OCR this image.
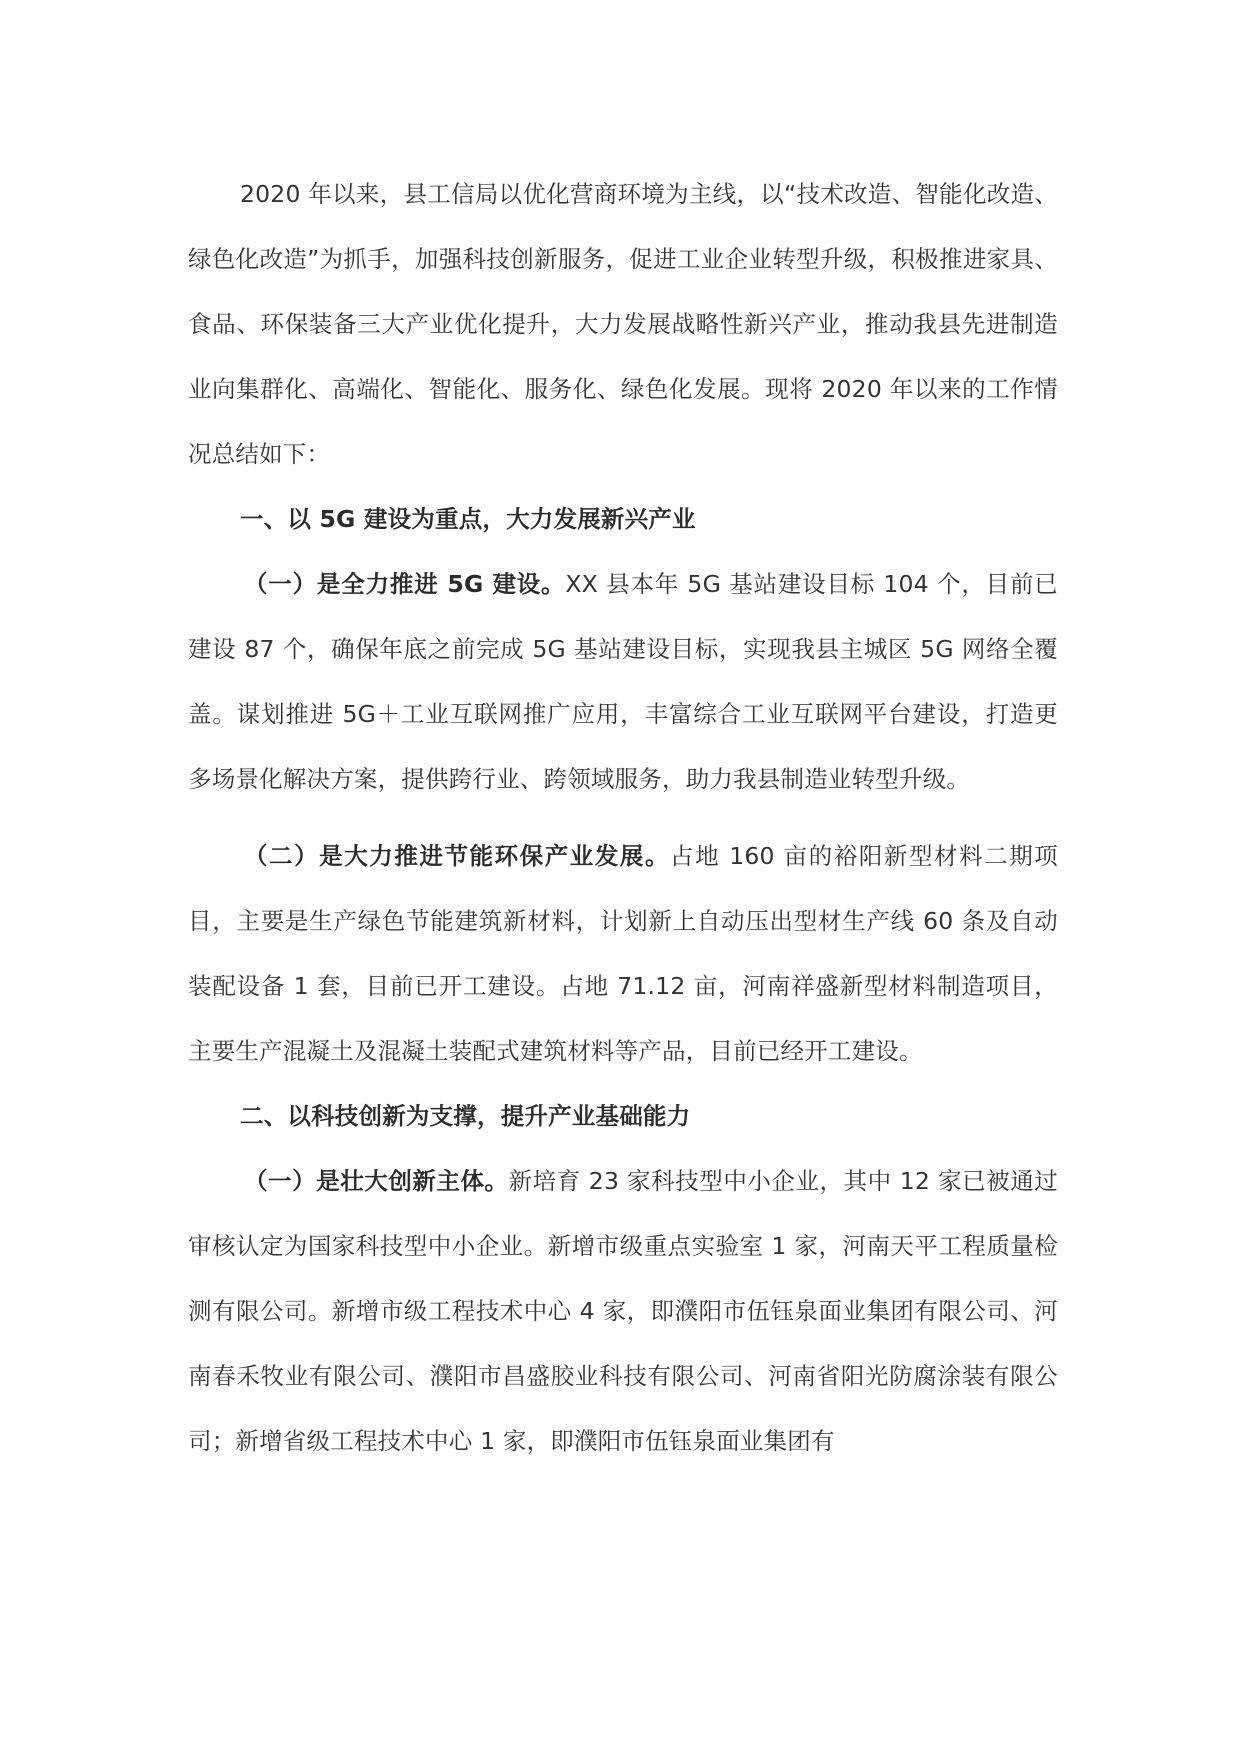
2020 年以来，县工信局以优化营商环境为主线，以“技术改造、智能化改造、绿色化改造”为抓手，加强科技创新服务，促进工业企业转型升级，积极推进家具、食品、环保装备三大产业优化提升，大力发展战略性新兴产业，推动我县先进制造业向集群化、高端化、智能化、服务化、绿色化发展。现将 2020 年以来的工作情况总结如下：

一、以 5G 建设为重点，大力发展新兴产业

（一）是全力推进 5G 建设。XX 县本年 5G 基站建设目标 104 个，目前已建设 87 个，确保年底之前完成 5G 基站建设目标，实现我县主城区 5G 网络全覆盖。谋划推进 5G＋工业互联网推广应用，丰富综合工业互联网平台建设，打造更多场景化解决方案，提供跨行业、跨领域服务，助力我县制造业转型升级。

（二）是大力推进节能环保产业发展。占地 160 亩的裕阳新型材料二期项目，主要是生产绿色节能建筑新材料，计划新上自动压出型材生产线 60 条及自动装配设备 1 套，目前已开工建设。占地 71.12 亩，河南祥盛新型材料制造项目，主要生产混凝土及混凝土装配式建筑材料等产品，目前已经开工建设。

二、以科技创新为支撑，提升产业基础能力

（一）是壮大创新主体。新培育 23 家科技型中小企业，其中 12 家已被通过审核认定为国家科技型中小企业。新增市级重点实验室 1 家，河南天平工程质量检测有限公司。新增市级工程技术中心 4 家，即濮阳市伍钰泉面业集团有限公司、河南春禾牧业有限公司、濮阳市昌盛胶业科技有限公司、河南省阳光防腐涂装有限公司；新增省级工程技术中心 1 家，即濮阳市伍钰泉面业集团有
